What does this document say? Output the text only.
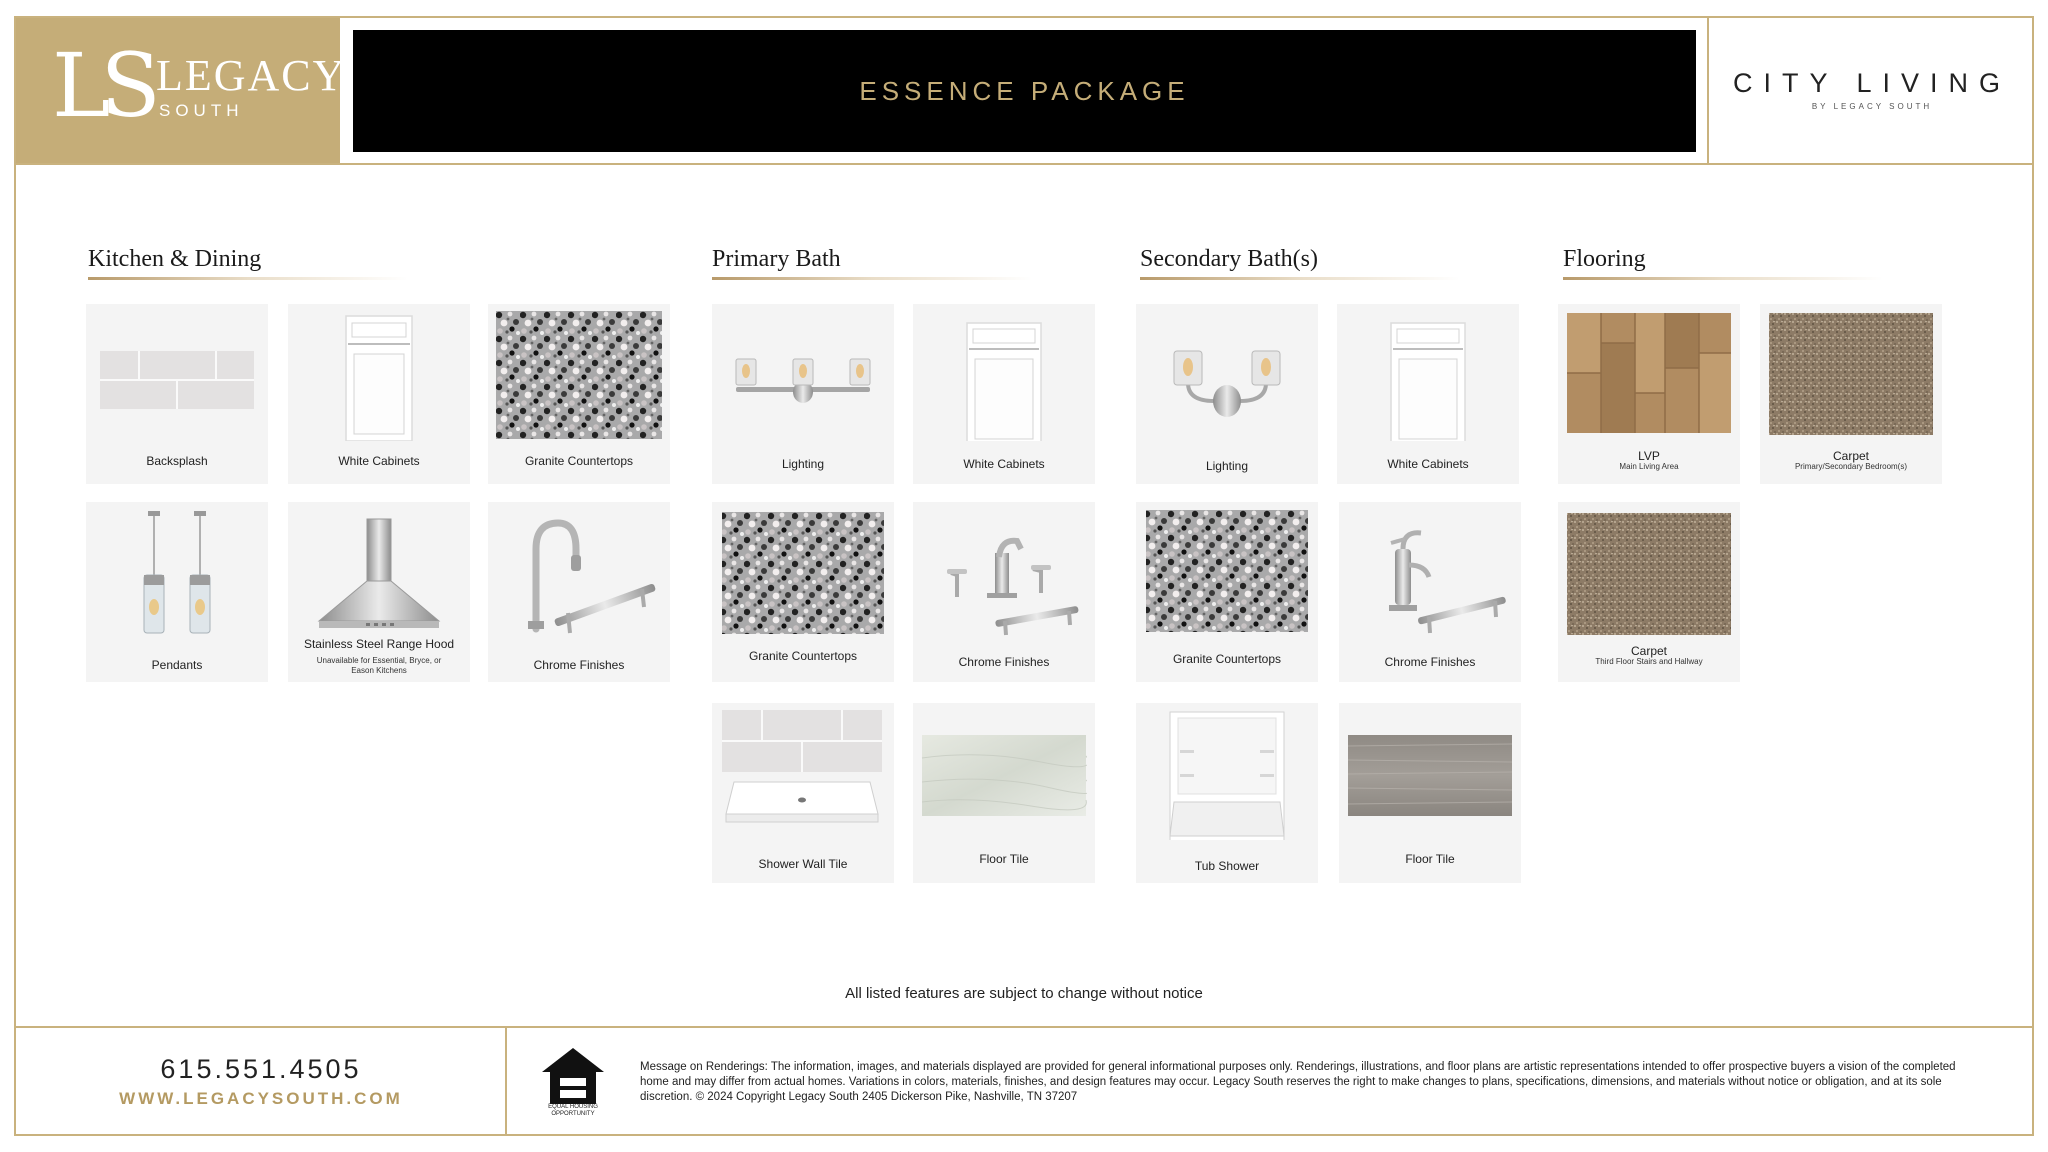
LS LEGACY
SOUTH
ESSENCE PACKAGE	CITY LIVING
BY LEGACY SOUTH
Kitchen & Dining	Primary Bath	Secondary Bath(s)	Flooring
Backsplash	White Cabinets	Granite Countertops
Pendants
Stainless Steel Range Hood
Unavailable for Essential, Bryce, or Eason Kitchens	Chrome Finishes
Lighting	White Cabinets
Granite Countertops	Chrome Finishes
Shower Wall Tile	Floor Tile
Lighting	White Cabinets
Granite Countertops	Chrome Finishes
Tub Shower	Floor Tile
LVP
Main Living Area
Carpet
Primary/Secondary Bedroom(s)
Carpet
Third Floor Stairs and Hallway
All listed features are subject to change without notice
615.551.4505
WWW.LEGACYSOUTH.COM	EQUAL HOUSING OPPORTUNITY
Message on Renderings: The information, images, and materials displayed are provided for general informational purposes only. Renderings, illustrations, and floor plans are artistic representations intended to offer prospective buyers a vision of the completed home and may differ from actual homes. Variations in colors, materials, finishes, and design features may occur. Legacy South reserves the right to make changes to plans, specifications, dimensions, and materials without notice or obligation, and at its sole discretion. © 2024 Copyright Legacy South 2405 Dickerson Pike, Nashville, TN 37207
